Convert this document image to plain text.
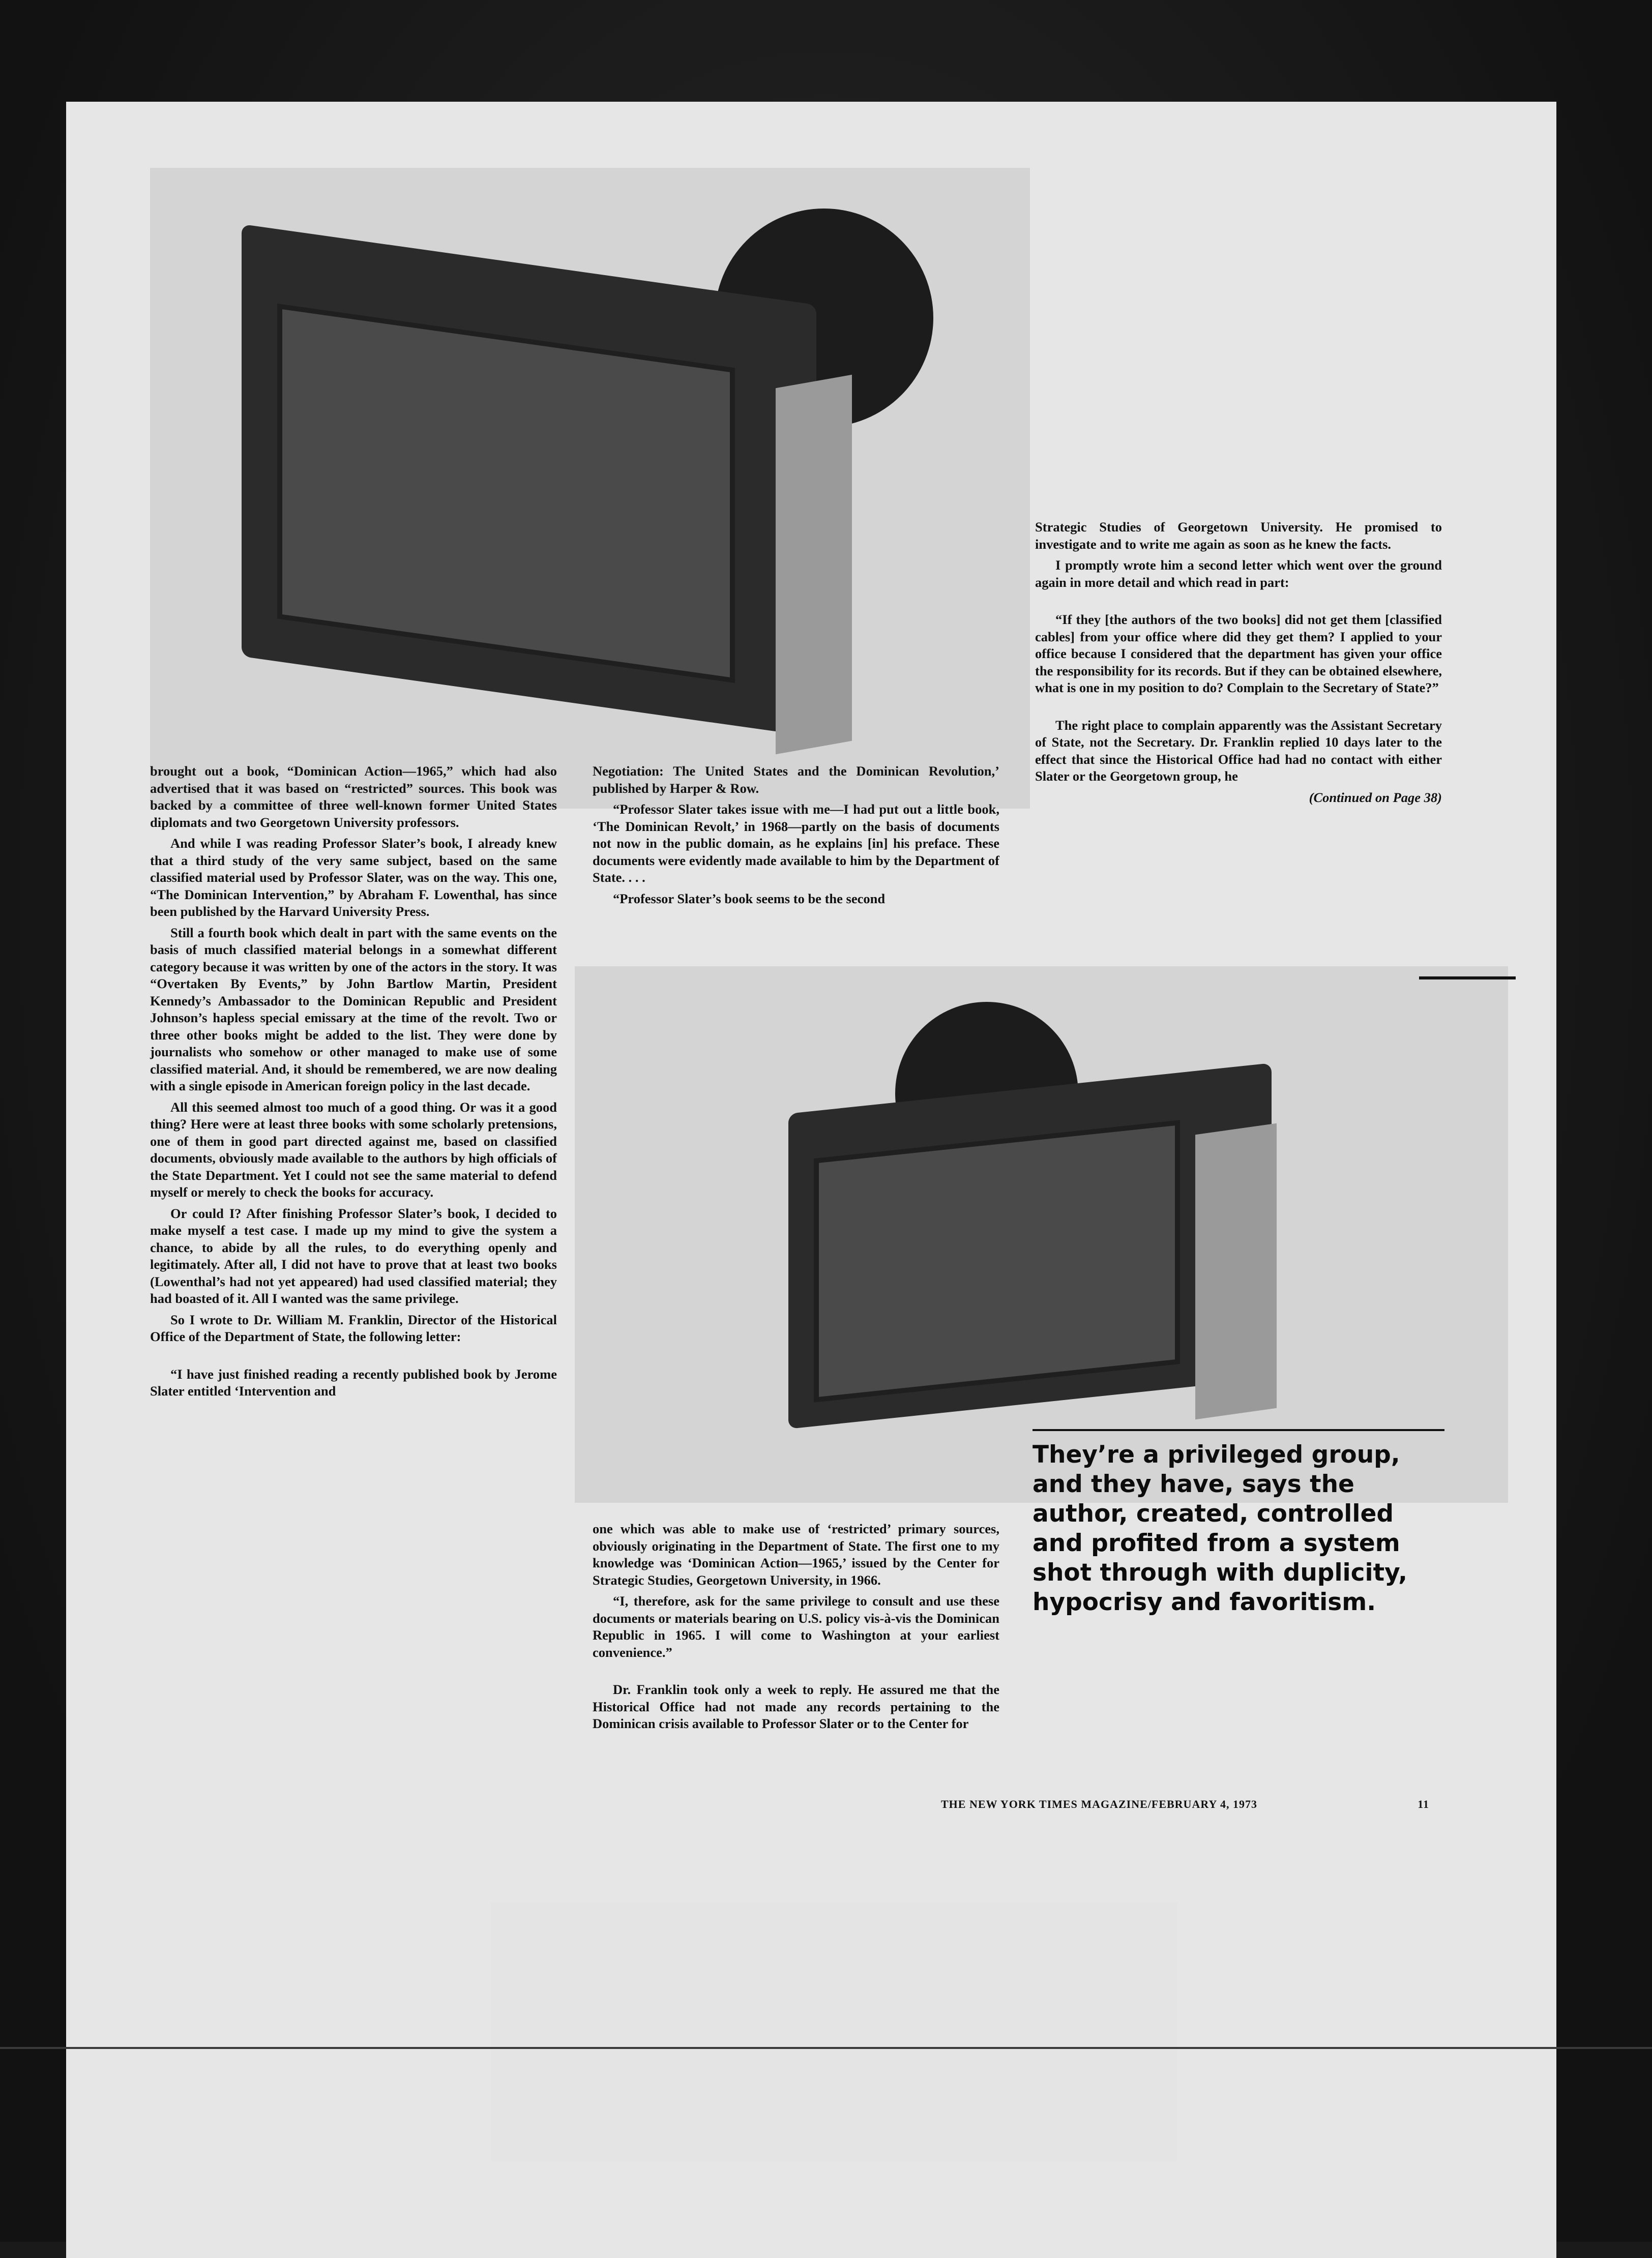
brought out a book, “Dominican Action—1965,” which had also advertised that it was based on “restricted” sources. This book was backed by a committee of three well-known former United States diplomats and two Georgetown University professors.

And while I was reading Professor Slater’s book, I already knew that a third study of the very same subject, based on the same classified material used by Professor Slater, was on the way. This one, “The Dominican Intervention,” by Abraham F. Lowenthal, has since been published by the Harvard University Press.

Still a fourth book which dealt in part with the same events on the basis of much classified material belongs in a somewhat different category because it was written by one of the actors in the story. It was “Overtaken By Events,” by John Bartlow Martin, President Kennedy’s Ambassador to the Dominican Republic and President Johnson’s hapless special emissary at the time of the revolt. Two or three other books might be added to the list. They were done by journalists who somehow or other managed to make use of some classified material. And, it should be remembered, we are now dealing with a single episode in American foreign policy in the last decade.

All this seemed almost too much of a good thing. Or was it a good thing? Here were at least three books with some scholarly pretensions, one of them in good part directed against me, based on classified documents, obviously made available to the authors by high officials of the State Department. Yet I could not see the same material to defend myself or merely to check the books for accuracy.

Or could I? After finishing Professor Slater’s book, I decided to make myself a test case. I made up my mind to give the system a chance, to abide by all the rules, to do everything openly and legitimately. After all, I did not have to prove that at least two books (Lowenthal’s had not yet appeared) had used classified material; they had boasted of it. All I wanted was the same privilege.

So I wrote to Dr. William M. Franklin, Director of the Historical Office of the Department of State, the following letter:

“I have just finished reading a recently published book by Jerome Slater entitled ‘Intervention and

Negotiation: The United States and the Dominican Revolution,’ published by Harper & Row.

“Professor Slater takes issue with me—I had put out a little book, ‘The Dominican Revolt,’ in 1968—partly on the basis of documents not now in the public domain, as he explains [in] his preface. These documents were evidently made available to him by the Department of State. . . .

“Professor Slater’s book seems to be the second

one which was able to make use of ‘restricted’ primary sources, obviously originating in the Department of State. The first one to my knowledge was ‘Dominican Action—1965,’ issued by the Center for Strategic Studies, Georgetown University, in 1966.

“I, therefore, ask for the same privilege to consult and use these documents or materials bearing on U.S. policy vis-à-vis the Dominican Republic in 1965. I will come to Washington at your earliest convenience.”

Dr. Franklin took only a week to reply. He assured me that the Historical Office had not made any records pertaining to the Dominican crisis available to Professor Slater or to the Center for

Strategic Studies of Georgetown University. He promised to investigate and to write me again as soon as he knew the facts.

I promptly wrote him a second letter which went over the ground again in more detail and which read in part:

“If they [the authors of the two books] did not get them [classified cables] from your office where did they get them? I applied to your office because I considered that the department has given your office the responsibility for its records. But if they can be obtained elsewhere, what is one in my position to do? Complain to the Secretary of State?”

The right place to complain apparently was the Assistant Secretary of State, not the Secretary. Dr. Franklin replied 10 days later to the effect that since the Historical Office had had no contact with either Slater or the Georgetown group, he

(Continued on Page 38)

They’re a privileged group, and they have, says the author, created, controlled and profited from a system shot through with duplicity, hypocrisy and favoritism.
THE NEW YORK TIMES MAGAZINE/FEBRUARY 4, 1973	11
